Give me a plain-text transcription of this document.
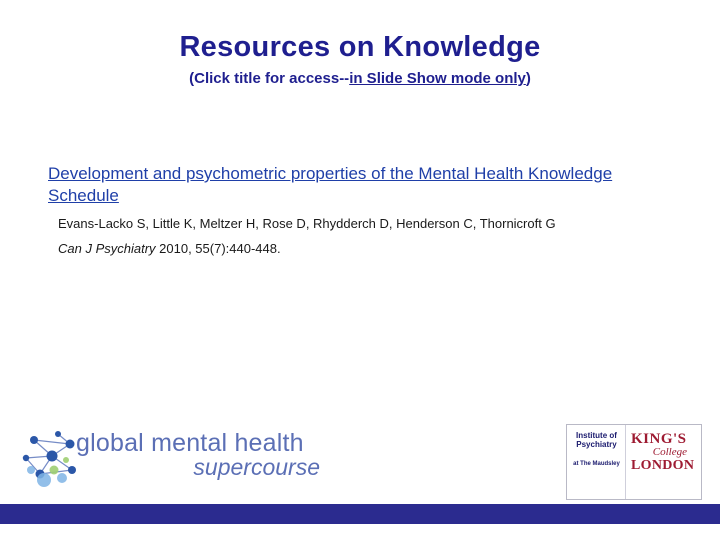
Resources on Knowledge
(Click title for access--in Slide Show mode only)
Development and psychometric properties of the Mental Health Knowledge Schedule
Evans-Lacko S, Little K, Meltzer H, Rose D, Rhydderch D, Henderson C, Thornicroft G
Can J Psychiatry 2010, 55(7):440-448.
global mental health
supercourse
Institute of
Psychiatry
at The Maudsley
KING'S
College
LONDON
